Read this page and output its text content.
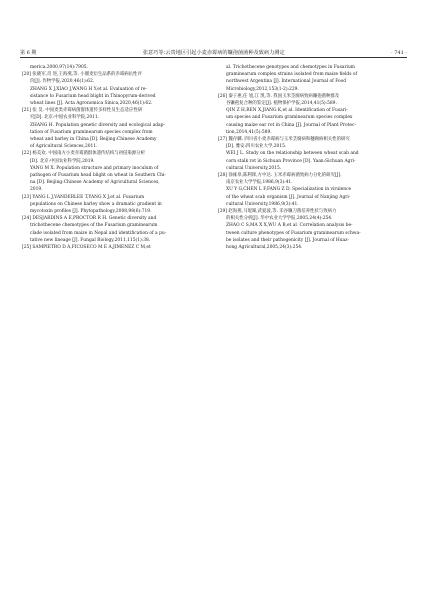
第 6 期	张意巧等:云贵地区引起小麦赤霉病的镰孢菌菌种及致病力测定	· 741 ·
merica.2000,97(14):7905.
[20] 张晓军,肖 进,王海燕,等. 小偃麦衍生品系的赤霉病抗性评
价[J]. 作物学报,2020,46(1):62.
ZHANG X J,XIAO J,WANG H Y,et al. Evaluation of re-
sistance to Fusarium head blight in Thinopyrum-derived
wheat lines [J]. Acta Agronomica Sinica,2020,46(1):62.
[21] 张 昊. 中国麦类赤霉病菌群体遗传多样性及生态适应性研
究[D]. 北京:中国农业科学院,2011.
ZHANG H. Population genetic diversity and ecological adap-
tation of Fusarium graminearum species complex from
wheat and barley in China [D]. Beijing:Chinese Academy
of Agricultural Sciences,2011.
[22] 杨美欢. 中国南方小麦赤霉菌群体遗传结构与初侵染源分析
[D]. 北京:中国农业科学院,2019.
YANG M X. Population structure and primary inoculum of
pathogen of Fusarium head blight on wheat in Southern Chi-
na [D]. Beijing:Chinese Academy of Agricultural Sciences,
2019.
[23] YANG L J,VANDERLEE T,YANG X J,et al. Fusarium
populations on Chinese barley show a dramatic gradient in
mycotoxin profiles [J]. Phytopathology,2008,98(6):719.
[24] DESJARDINS A E,PROCTOR R H. Genetic diversity and
trichothecene chemotypes of the Fusarium graminearum
clade isolated from maize in Nepal and identification of a pu-
tative new lineage [J]. Fungal Biology,2011,115(1):38.
[25] SAMPIETRO D A,FICOSECO M E A,JIMENEZ C M,et
al. Trichothecene genotypes and chemotypes in Fusarium
graminearum complex strains isolated from maize fields of
northwest Argentina [J]. International Journal of Food
Microbiology,2012,153(1-2):229.
[26] 秦子惠,任 旭,江 凯,等. 我国玉米茎腐病致病镰孢菌种群及
谷镰孢复合种的鉴定[J]. 植物保护学报,2014,41(5):589.
QIN Z H,REN X,JIANG K,et al. Identification of Fusari-
um species and Fusarium graminearum species complex
causing maize ear rot in China [J]. Journal of Plant Protec-
tion,2014,41(5):589.
[27] 魏存麟. 四川省小麦赤霉病与玉米茎腐病和穗腐病相关性的研究
[D]. 雅安:四川农业大学,2015.
WEI J L. Study on the relationship between wheat scab and
corn stalk rot in Sichuan Province [D]. Yaan:Sichuan Agri-
cultural University,2015.
[28] 徐雍皋,陈利锋,方中达. 玉米赤霉病菌致病力分化的研究[J].
南京农业大学学报,1986,9(3):41.
XU Y G,CHEN L F,FANG Z D. Specialization in virulence
of the wheat scab organism [J]. Journal of Nanjing Agri-
cultural University,1986,9(3):41.
[29] 赵海燕,马琨湖,武爱波,等. 禾谷镰刀菌培养性状与致病力
的相关性分析[J]. 华中农业大学学报,2005,24(4):254.
ZHAO C S,MA X X,WU A B,et al. Correlation analysis be-
tween culture phenotypes of Fusarium graminearum schwa-
be isolates and their pathogenicity [J]. Journal of Huaz-
hong Agricultural,2005,24(3):254.
